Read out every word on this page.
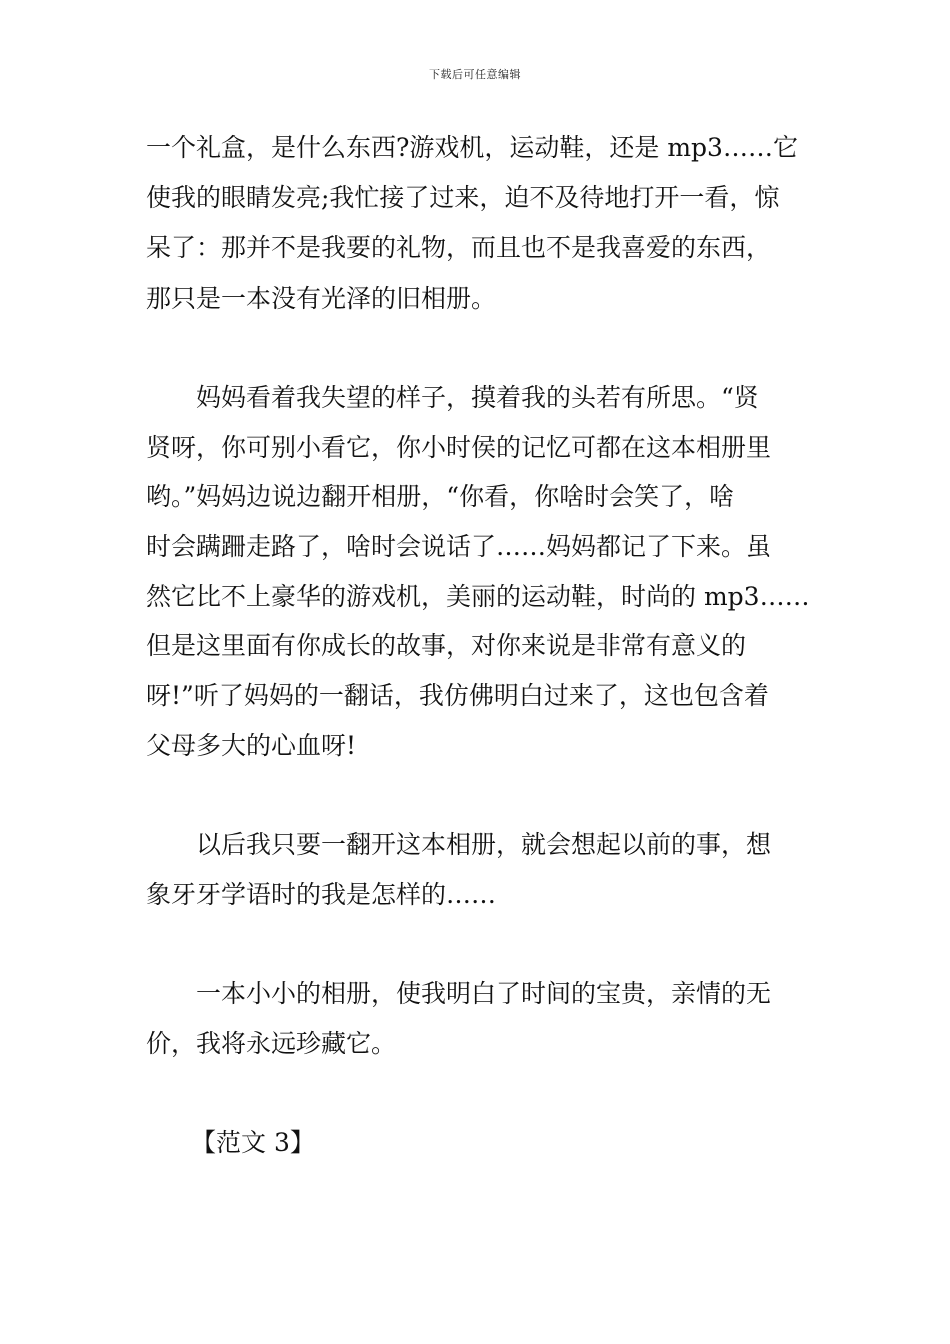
下载后可任意编辑
一个礼盒，是什么东西?游戏机，运动鞋，还是 mp3……它
使我的眼睛发亮;我忙接了过来，迫不及待地打开一看，惊
呆了：那并不是我要的礼物，而且也不是我喜爱的东西，
那只是一本没有光泽的旧相册。
妈妈看着我失望的样子，摸着我的头若有所思。“贤
贤呀，你可别小看它，你小时侯的记忆可都在这本相册里
哟。”妈妈边说边翻开相册，“你看，你啥时会笑了，啥
时会蹒跚走路了，啥时会说话了……妈妈都记了下来。虽
然它比不上豪华的游戏机，美丽的运动鞋，时尚的 mp3……
但是这里面有你成长的故事，对你来说是非常有意义的
呀!”听了妈妈的一翻话，我仿佛明白过来了，这也包含着
父母多大的心血呀!
以后我只要一翻开这本相册，就会想起以前的事，想
象牙牙学语时的我是怎样的……
一本小小的相册，使我明白了时间的宝贵，亲情的无
价，我将永远珍藏它。
【范文 3】
